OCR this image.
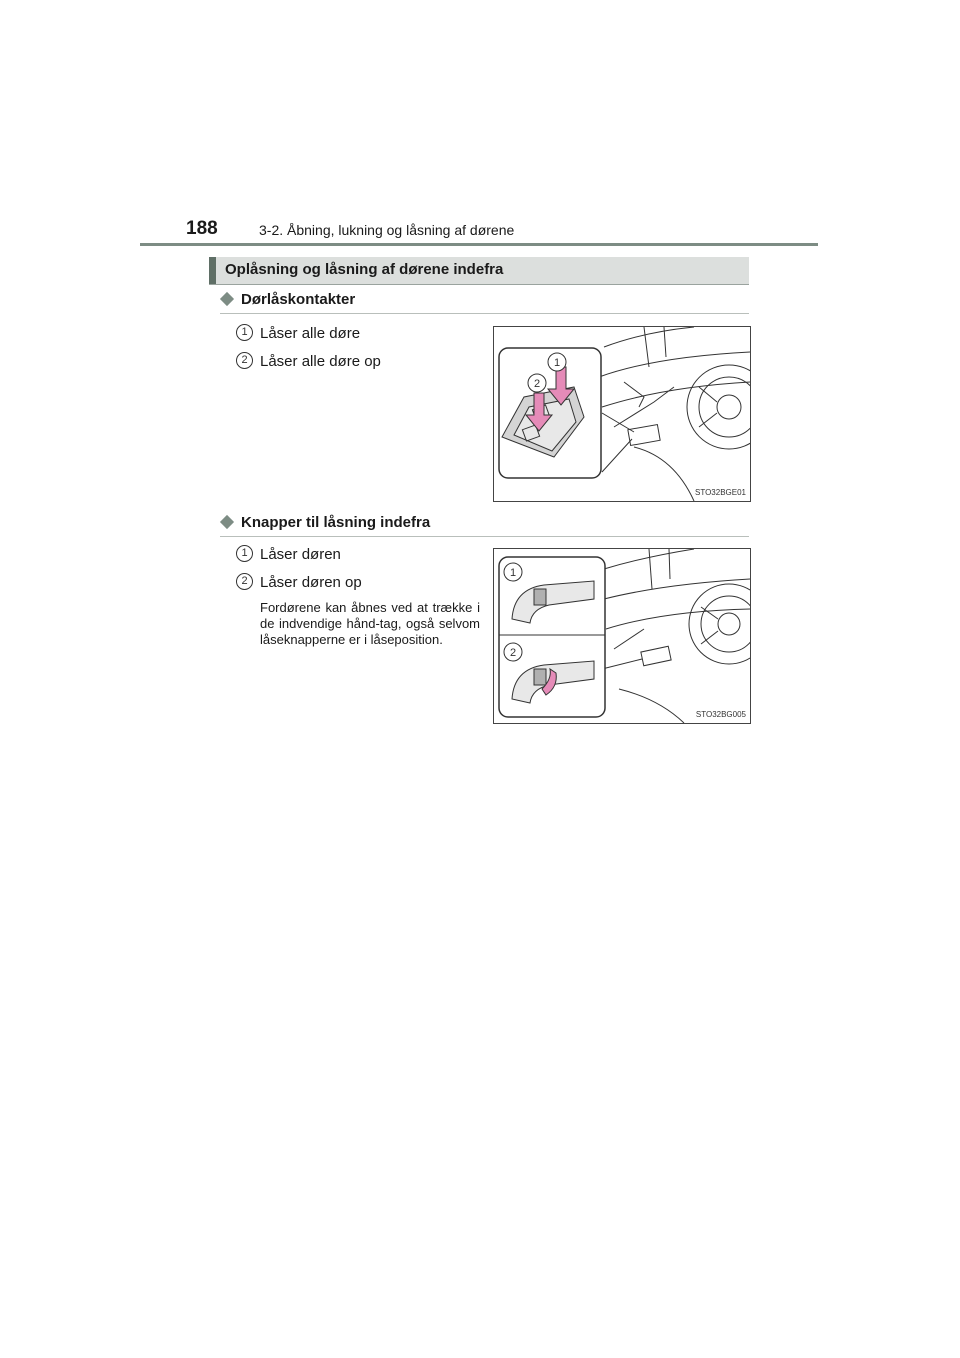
188	3-2. Åbning, lukning og låsning af dørene
Oplåsning og låsning af dørene indefra
Dørlåskontakter
1 Låser alle døre
2 Låser alle døre op	1
2
STO32BGE01
Knapper til låsning indefra
1 Låser døren
2 Låser døren op
Fordørene kan åbnes ved at trække i de indvendige hånd-tag, også selvom låseknapperne er i låseposition.
1
2
STO32BG005
